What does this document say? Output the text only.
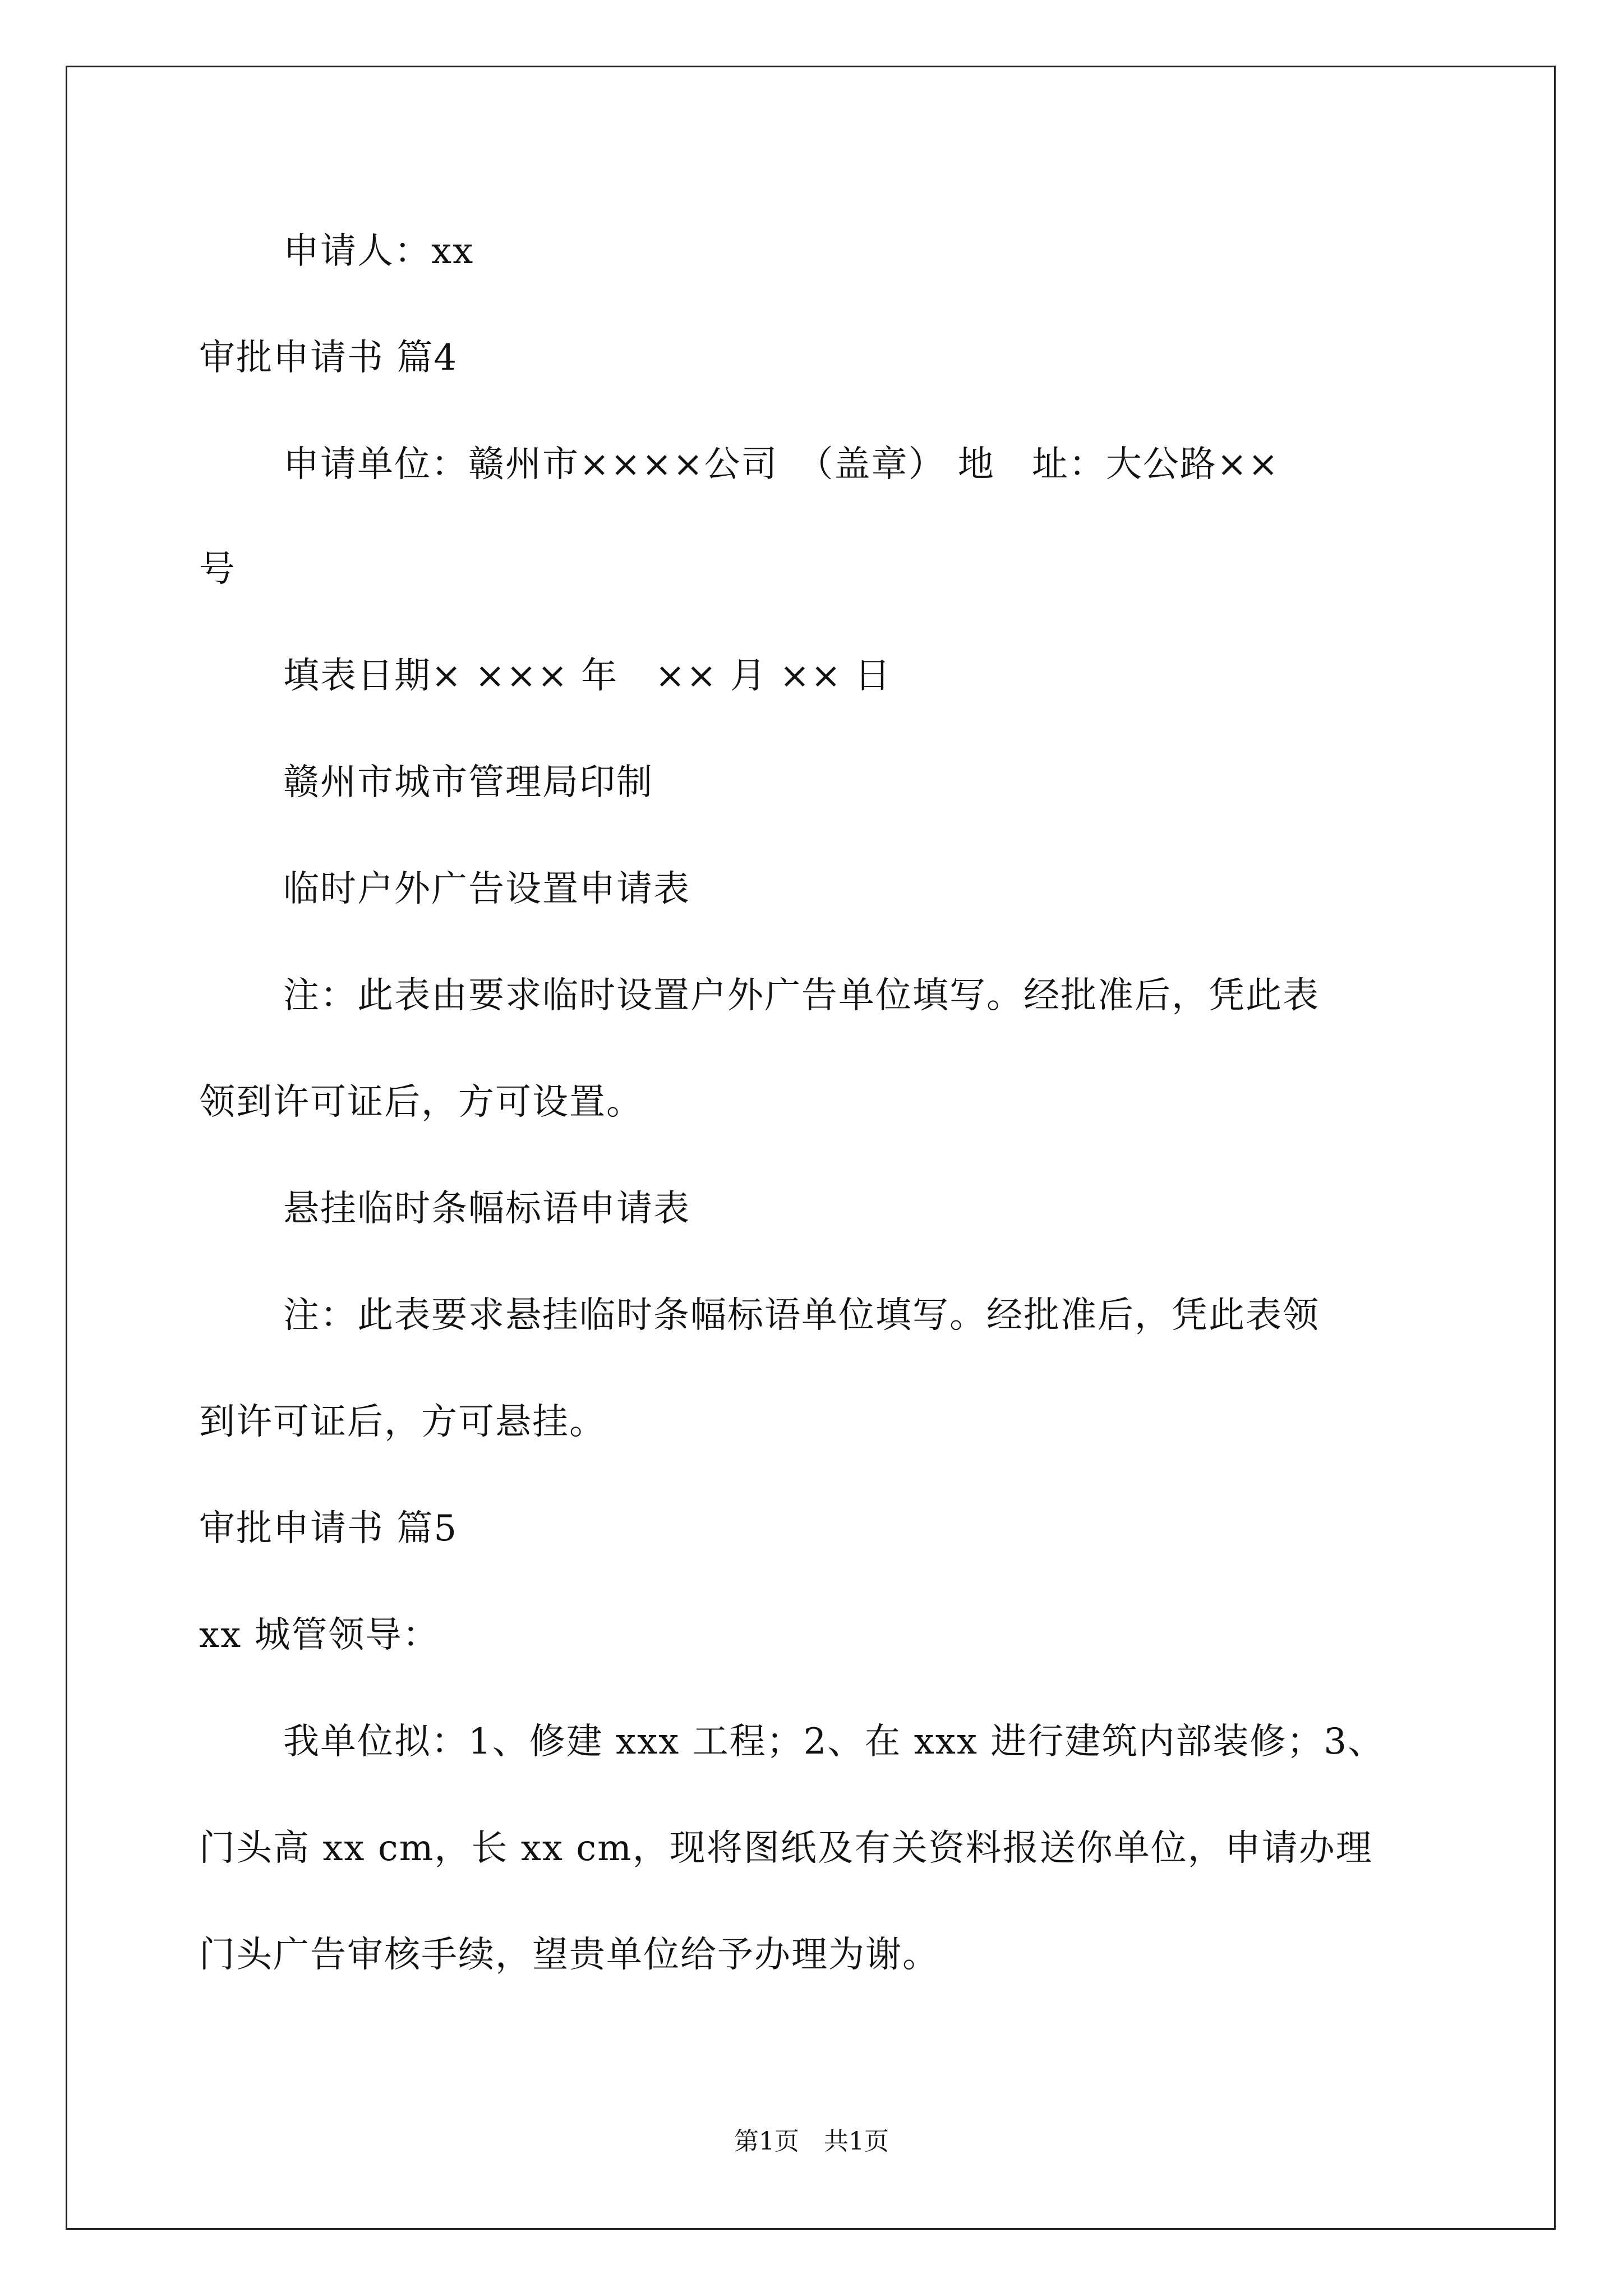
申请人：xx
审批申请书 篇4
申请单位：赣州市××××公司　（盖章） 地　址：大公路××
号
填表日期× ××× 年　×× 月 ×× 日
赣州市城市管理局印制
临时户外广告设置申请表
注：此表由要求临时设置户外广告单位填写。经批准后，凭此表
领到许可证后，方可设置。
悬挂临时条幅标语申请表
注：此表要求悬挂临时条幅标语单位填写。经批准后，凭此表领
到许可证后，方可悬挂。
审批申请书 篇5
xx 城管领导：
我单位拟：1、修建 xxx 工程；2、在 xxx 进行建筑内部装修；3、
门头高 xx cm，长 xx cm，现将图纸及有关资料报送你单位，申请办理
门头广告审核手续，望贵单位给予办理为谢。
第1页　共1页
